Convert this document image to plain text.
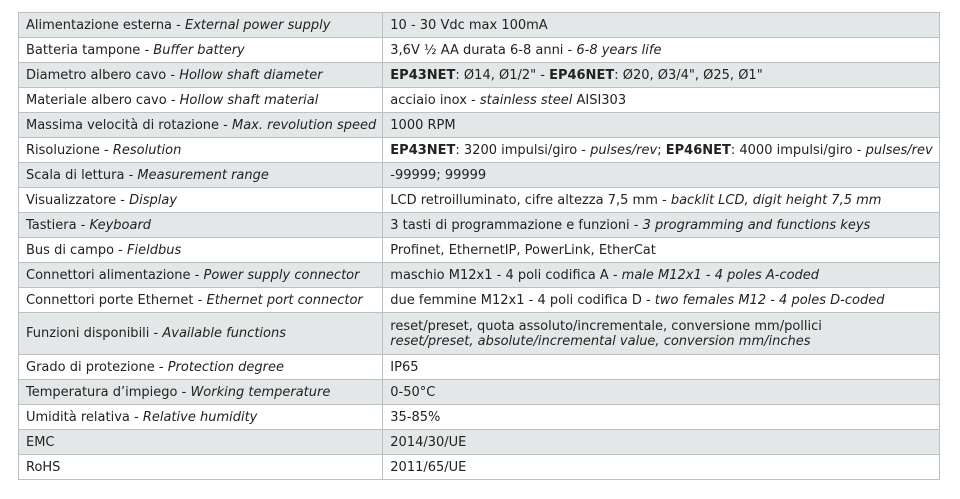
Alimentazione esterna - External power supply	10 - 30 Vdc max 100mA
Batteria tampone - Buffer battery	3,6V ½ AA durata 6-8 anni - 6-8 years life
Diametro albero cavo - Hollow shaft diameter	EP43NET: Ø14, Ø1/2" - EP46NET: Ø20, Ø3/4", Ø25, Ø1"
Materiale albero cavo - Hollow shaft material	acciaio inox - stainless steel AISI303
Massima velocità di rotazione - Max. revolution speed	1000 RPM
Risoluzione - Resolution	EP43NET: 3200 impulsi/giro - pulses/rev; EP46NET: 4000 impulsi/giro - pulses/rev
Scala di lettura - Measurement range	-99999; 99999
Visualizzatore - Display	LCD retroilluminato, cifre altezza 7,5 mm - backlit LCD, digit height 7,5 mm
Tastiera - Keyboard	3 tasti di programmazione e funzioni - 3 programming and functions keys
Bus di campo - Fieldbus	Profinet, EthernetIP, PowerLink, EtherCat
Connettori alimentazione - Power supply connector	maschio M12x1 - 4 poli codifica A - male M12x1 - 4 poles A-coded
Connettori porte Ethernet - Ethernet port connector	due femmine M12x1 - 4 poli codifica D - two females M12 - 4 poles D-coded
Funzioni disponibili - Available functions	reset/preset, quota assoluto/incrementale, conversione mm/pollici
reset/preset, absolute/incremental value, conversion mm/inches

Grado di protezione - Protection degree	IP65
Temperatura d’impiego - Working temperature	0-50°C
Umidità relativa - Relative humidity	35-85%
EMC	2014/30/UE
RoHS	2011/65/UE
